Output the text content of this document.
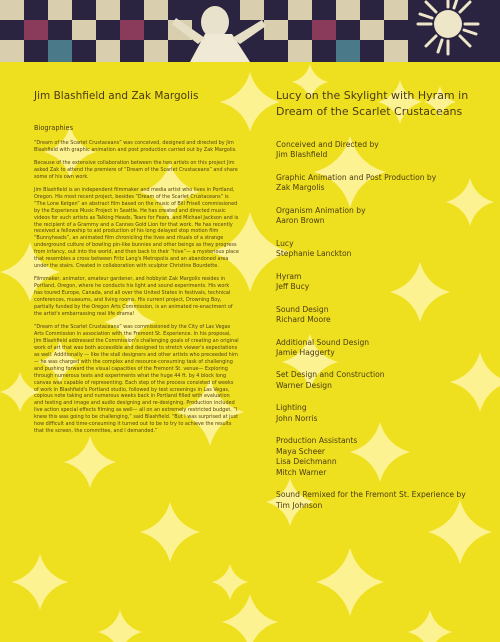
Jim Blashfield and Zak Margolis
Biographies

“Dream of the Scarlet Crustaceans” was conceived, designed and directed by Jim Blashfield with graphic animation and post production carried out by Zak Margolis.

Because of the extensive collaboration between the two artists on this project Jim asked Zak to attend the premiere of “Dream of the Scarlet Crustaceans” and share some of his own work.

Jim Blashfield is an independent filmmaker and media artist who lives in Portland, Oregon. His most recent project, besides “Dream of the Scarlet Crustaceans” is “The Lone Ketgen” an abstract film based on the music of Bill Frisell commissioned by the Experience Music Project in Seattle. He has created and directed music videos for such artists as Talking Heads, Tears for Fears, and Michael Jackson and is the recipient of a Grammy and a Cannes Gold Lion for that work. He has recently received a fellowship to aid production of his long delayed stop motion film “Bunnyheads”, an animated film chronicling the lives and rituals of a strange underground culture of bowling pin-like bunnies and other beings as they progress from infancy, out into the world, and then back to their “hive”— a mysterious place that resembles a cross between Fritz Lang's Metropolis and an abandoned area under the stairs. Created in collaboration with sculptor Christine Bourdette.

Filmmaker, animator, amateur gardener, and hobbyist Zak Margolis resides in Portland, Oregon, where he conducts his light and sound experiments. His work has toured Europe, Canada, and all over the United States in festivals, technical conferences, museums, and living rooms. His current project, Drowning Boy, partially funded by the Oregon Arts Commission, is an animated re-enactment of the artist's embarrassing real life drama!

“Dream of the Scarlet Crustaceans” was commissioned by the City of Las Vegas Arts Commission in association with the Fremont St. Experience. In his proposal, Jim Blashfield addressed the Commission's challenging goals of creating an original work of art that was both accessible and designed to stretch viewer's expectations as well. Additionally — like the stall designers and other artists who preceeded him— he was charged with the complex and resource-consuming task of challenging and pushing forward the visual capacities of the Fremont St. venue— Exploring through numerous tests and experiments what the huge 44 ft. by 4 block long canvas was capable of representing. Each step of the process consisted of weeks of work in Blashfield's Portland studio, followed by test screenings in Las Vegas, copious note taking and numerous weeks back in Portland filled with evaluation and testing and image and audio designing and re-designing. Production included live action special effects filming as well— all on an extremely restricted budget. “I knew this was going to be challenging,” said Blashfield. “But I was surprised at just how difficult and time-consuming it turned out to be to try to achieve the results that the screen, the committee, and I demanded.”

Lucy on the Skylight with Hyram in Dream of the Scarlet Crustaceans
Conceived and Directed by
Jim Blashfield
Graphic Animation and Post Production by
Zak Margolis
Organism Animation by
Aaron Brown
Lucy
Stephanie Lanckton
Hyram
Jeff Bucy
Sound Design
Richard Moore
Additional Sound Design
Jamie Haggerty
Set Design and Construction
Warner Design
Lighting
John Norris
Production Assistants
Maya Scheer
Lisa Deichmann
Mitch Warner
Sound Remixed for the Fremont St. Experience by Tim Johnson
